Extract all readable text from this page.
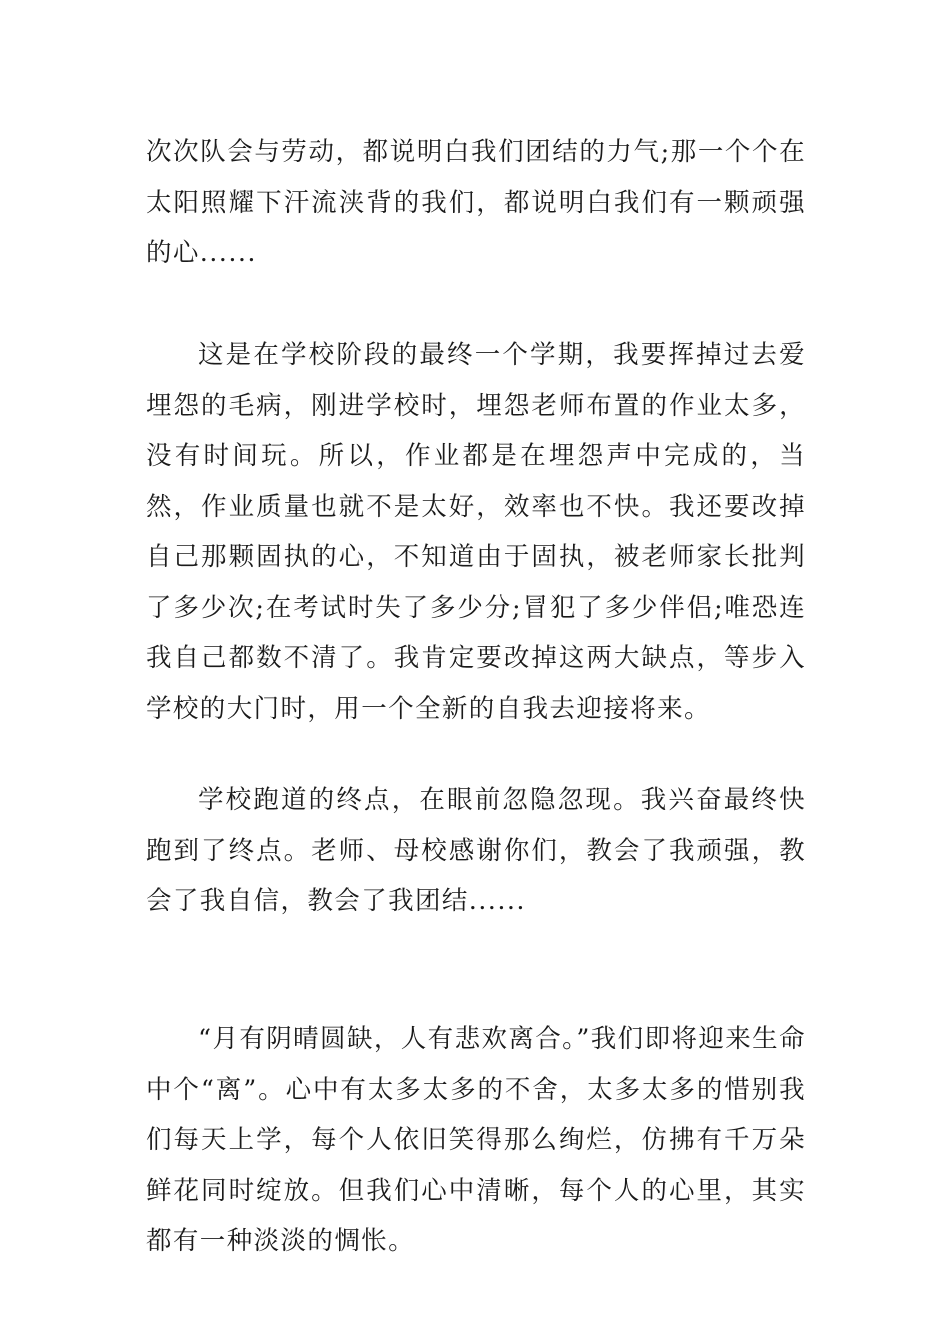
次次队会与劳动，都说明白我们团结的力气;那一个个在太阳照耀下汗流浃背的我们，都说明白我们有一颗顽强的心......

这是在学校阶段的最终一个学期，我要挥掉过去爱埋怨的毛病，刚进学校时，埋怨老师布置的作业太多，没有时间玩。所以，作业都是在埋怨声中完成的，当然，作业质量也就不是太好，效率也不快。我还要改掉自己那颗固执的心，不知道由于固执，被老师家长批判了多少次;在考试时失了多少分;冒犯了多少伴侣;唯恐连我自己都数不清了。我肯定要改掉这两大缺点，等步入学校的大门时，用一个全新的自我去迎接将来。

学校跑道的终点，在眼前忽隐忽现。我兴奋最终快跑到了终点。老师、母校感谢你们，教会了我顽强，教会了我自信，教会了我团结......

“月有阴晴圆缺，人有悲欢离合。”我们即将迎来生命中个“离”。心中有太多太多的不舍，太多太多的惜别我们每天上学，每个人依旧笑得那么绚烂，仿拂有千万朵鲜花同时绽放。但我们心中清晰，每个人的心里，其实都有一种淡淡的惆怅。
